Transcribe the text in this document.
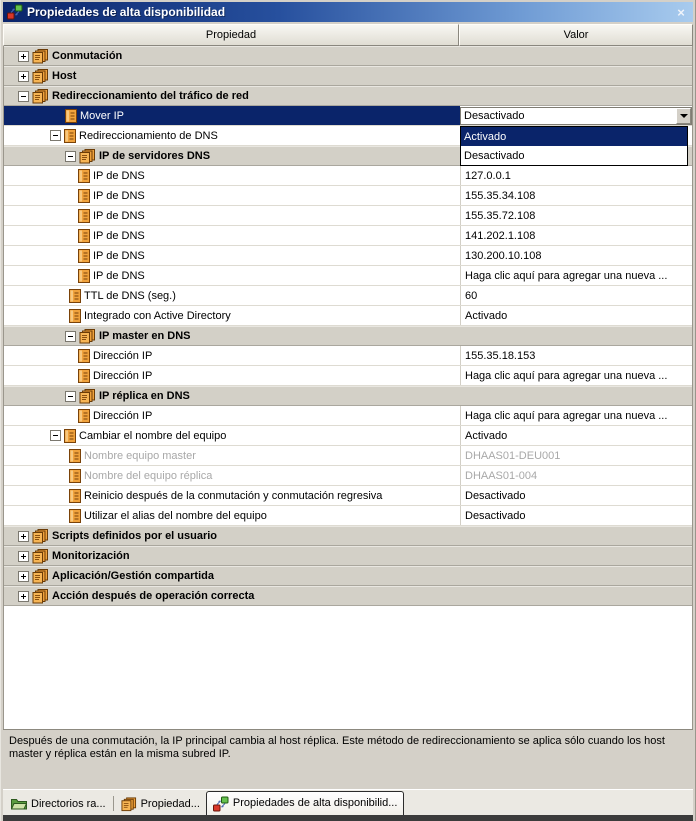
Propiedades de alta disponibilidad	×
Propiedad	Valor
Conmutación
Host
Redireccionamiento del tráfico de red
Mover IP	Desactivado
Redireccionamiento de DNS
IP de servidores DNS
IP de DNS	127.0.0.1
IP de DNS	155.35.34.108
IP de DNS	155.35.72.108
IP de DNS	141.202.1.108
IP de DNS	130.200.10.108
IP de DNS	Haga clic aquí para agregar una nueva ...
TTL de DNS (seg.)	60
Integrado con Active Directory	Activado
IP master en DNS
Dirección IP	155.35.18.153
Dirección IP	Haga clic aquí para agregar una nueva ...
IP réplica en DNS
Dirección IP	Haga clic aquí para agregar una nueva ...
Cambiar el nombre del equipo	Activado
Nombre equipo master	DHAAS01-DEU001
Nombre del equipo réplica	DHAAS01-004
Reinicio después de la conmutación y conmutación regresiva	Desactivado
Utilizar el alias del nombre del equipo	Desactivado
Scripts definidos por el usuario
Monitorización
Aplicación/Gestión compartida
Acción después de operación correcta
Activado
Desactivado
Después de una conmutación, la IP principal cambia al host réplica. Este método de redireccionamiento se aplica sólo cuando los host master y réplica están en la misma subred IP.
Directorios ra...	Propiedad...	Propiedades de alta disponibilid...
